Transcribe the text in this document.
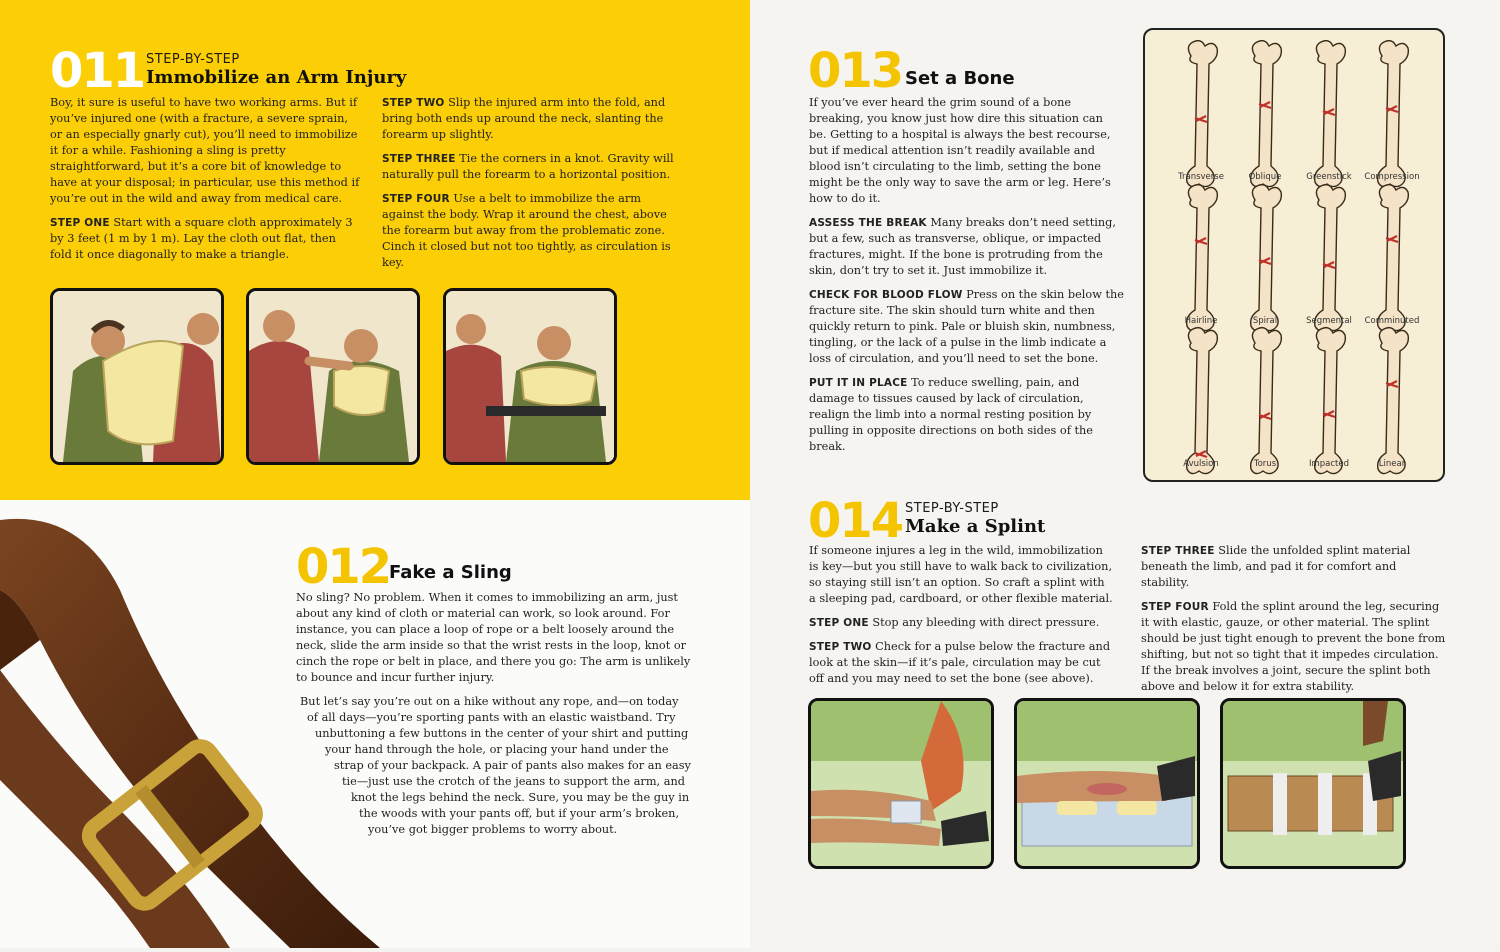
011 STEP-BY-STEP
Immobilize an Arm Injury

Boy, it sure is useful to have two working arms. But if you’ve injured one (with a fracture, a severe sprain, or an especially gnarly cut), you’ll need to immobilize it for a while. Fashioning a sling is pretty straightforward, but it’s a core bit of knowledge to have at your disposal; in particular, use this method if you’re out in the wild and away from medical care.

STEP ONE Start with a square cloth approximately 3 by 3 feet (1 m by 1 m). Lay the cloth out flat, then fold it once diagonally to make a triangle.

STEP TWO Slip the injured arm into the fold, and bring both ends up around the neck, slanting the forearm up slightly.

STEP THREE Tie the corners in a knot. Gravity will naturally pull the forearm to a horizontal position.

STEP FOUR Use a belt to immobilize the arm against the body. Wrap it around the chest, above the forearm but away from the problematic zone. Cinch it closed but not too tightly, as circulation is key.

012
Fake a Sling
No sling? No problem. When it comes to immobilizing an arm, just about any kind of cloth or material can work, so look around. For instance, you can place a loop of rope or a belt loosely around the neck, slide the arm inside so that the wrist rests in the loop, knot or cinch the rope or belt in place, and there you go: The arm is unlikely to bounce and incur further injury.
But let’s say you’re out on a hike without any rope, and—on today
of all days—you’re sporting pants with an elastic waistband. Try
unbuttoning a few buttons in the center of your shirt and putting
your hand through the hole, or placing your hand under the
strap of your backpack. A pair of pants also makes for an easy
tie—just use the crotch of the jeans to support the arm, and
knot the legs behind the neck. Sure, you may be the guy in
the woods with your pants off, but if your arm’s broken,
you’ve got bigger problems to worry about.
013 Set a Bone

If you’ve ever heard the grim sound of a bone breaking, you know just how dire this situation can be. Getting to a hospital is always the best recourse, but if medical attention isn’t readily available and blood isn’t circulating to the limb, setting the bone might be the only way to save the arm or leg. Here’s how to do it.

ASSESS THE BREAK Many breaks don’t need setting, but a few, such as transverse, oblique, or impacted fractures, might. If the bone is protruding from the skin, don’t try to set it. Just immobilize it.

CHECK FOR BLOOD FLOW Press on the skin below the fracture site. The skin should turn white and then quickly return to pink. Pale or bluish skin, numbness, tingling, or the lack of a pulse in the limb indicate a loss of circulation, and you’ll need to set the bone.

PUT IT IN PLACE To reduce swelling, pain, and damage to tissues caused by lack of circulation, realign the limb into a normal resting position by pulling in opposite directions on both sides of the break.

Transverse	Oblique	Greenstick	Compression
Hairline	Spiral	Segmental	Comminuted
Avulsion	Torus	Impacted	Linear
014 STEP-BY-STEP
Make a Splint

If someone injures a leg in the wild, immobilization is key—but you still have to walk back to civilization, so staying still isn’t an option. So craft a splint with a sleeping pad, cardboard, or other flexible material.

STEP ONE Stop any bleeding with direct pressure.

STEP TWO Check for a pulse below the fracture and look at the skin—if it’s pale, circulation may be cut off and you may need to set the bone (see above).

STEP THREE Slide the unfolded splint material beneath the limb, and pad it for comfort and stability.

STEP FOUR Fold the splint around the leg, securing it with elastic, gauze, or other material. The splint should be just tight enough to prevent the bone from shifting, but not so tight that it impedes circulation. If the break involves a joint, secure the splint both above and below it for extra stability.
